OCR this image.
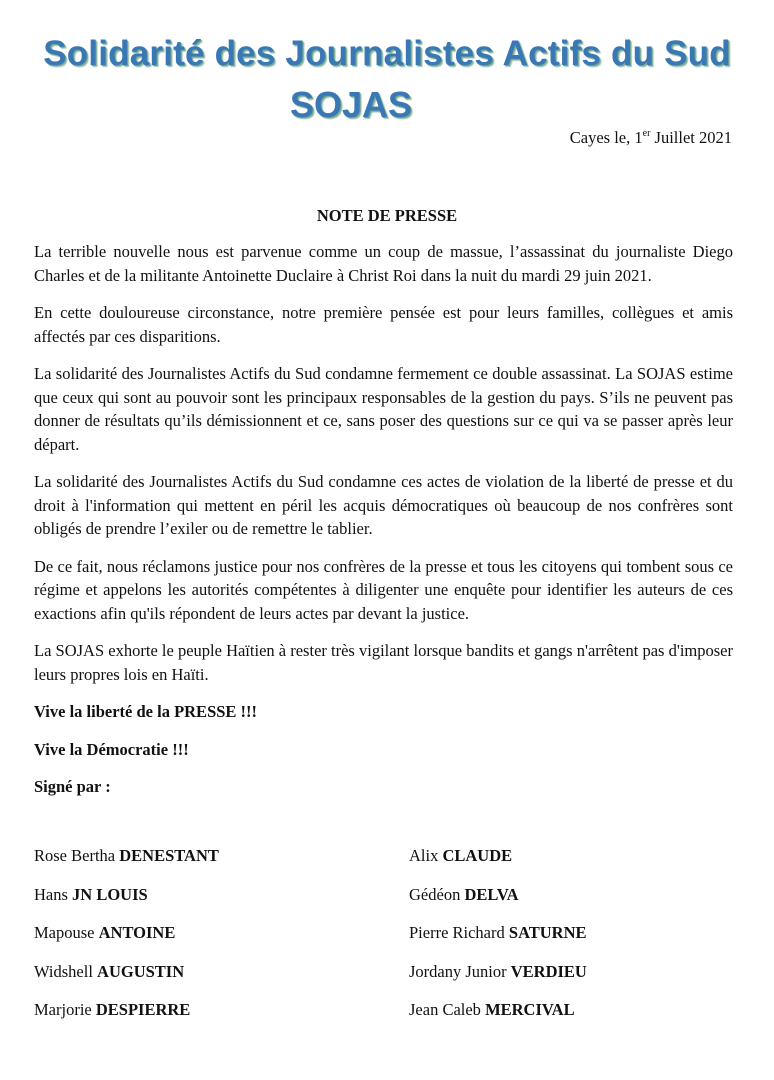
Solidarité des Journalistes Actifs du Sud
SOJAS
Cayes le, 1er Juillet 2021
NOTE DE PRESSE

La terrible nouvelle nous est parvenue comme un coup de massue, l’assassinat du journaliste Diego Charles et de la militante Antoinette Duclaire à Christ Roi dans la nuit du mardi 29 juin 2021.

En cette douloureuse circonstance, notre première pensée est pour leurs familles, collègues et amis affectés par ces disparitions.

La solidarité des Journalistes Actifs du Sud condamne fermement ce double assassinat. La SOJAS estime que ceux qui sont au pouvoir sont les principaux responsables de la gestion du pays. S’ils ne peuvent pas donner de résultats qu’ils démissionnent et ce, sans poser des questions sur ce qui va se passer après leur départ.

La solidarité des Journalistes Actifs du Sud condamne ces actes de violation de la liberté de presse et du droit à l'information qui mettent en péril les acquis démocratiques où beaucoup de nos confrères sont obligés de prendre l’exiler ou de remettre le tablier.

De ce fait, nous réclamons justice pour nos confrères de la presse et tous les citoyens qui tombent sous ce régime et appelons les autorités compétentes à diligenter une enquête pour identifier les auteurs de ces exactions afin qu'ils répondent de leurs actes par devant la justice.

La SOJAS exhorte le peuple Haïtien à rester très vigilant lorsque bandits et gangs n'arrêtent pas d'imposer leurs propres lois en Haïti.

Vive la liberté de la PRESSE !!!

Vive la Démocratie !!!

Signé par :

Rose Bertha DENESTANT	Alix CLAUDE
Hans JN LOUIS	Gédéon DELVA
Mapouse ANTOINE	Pierre Richard SATURNE
Widshell AUGUSTIN	Jordany Junior VERDIEU
Marjorie DESPIERRE	Jean Caleb MERCIVAL
